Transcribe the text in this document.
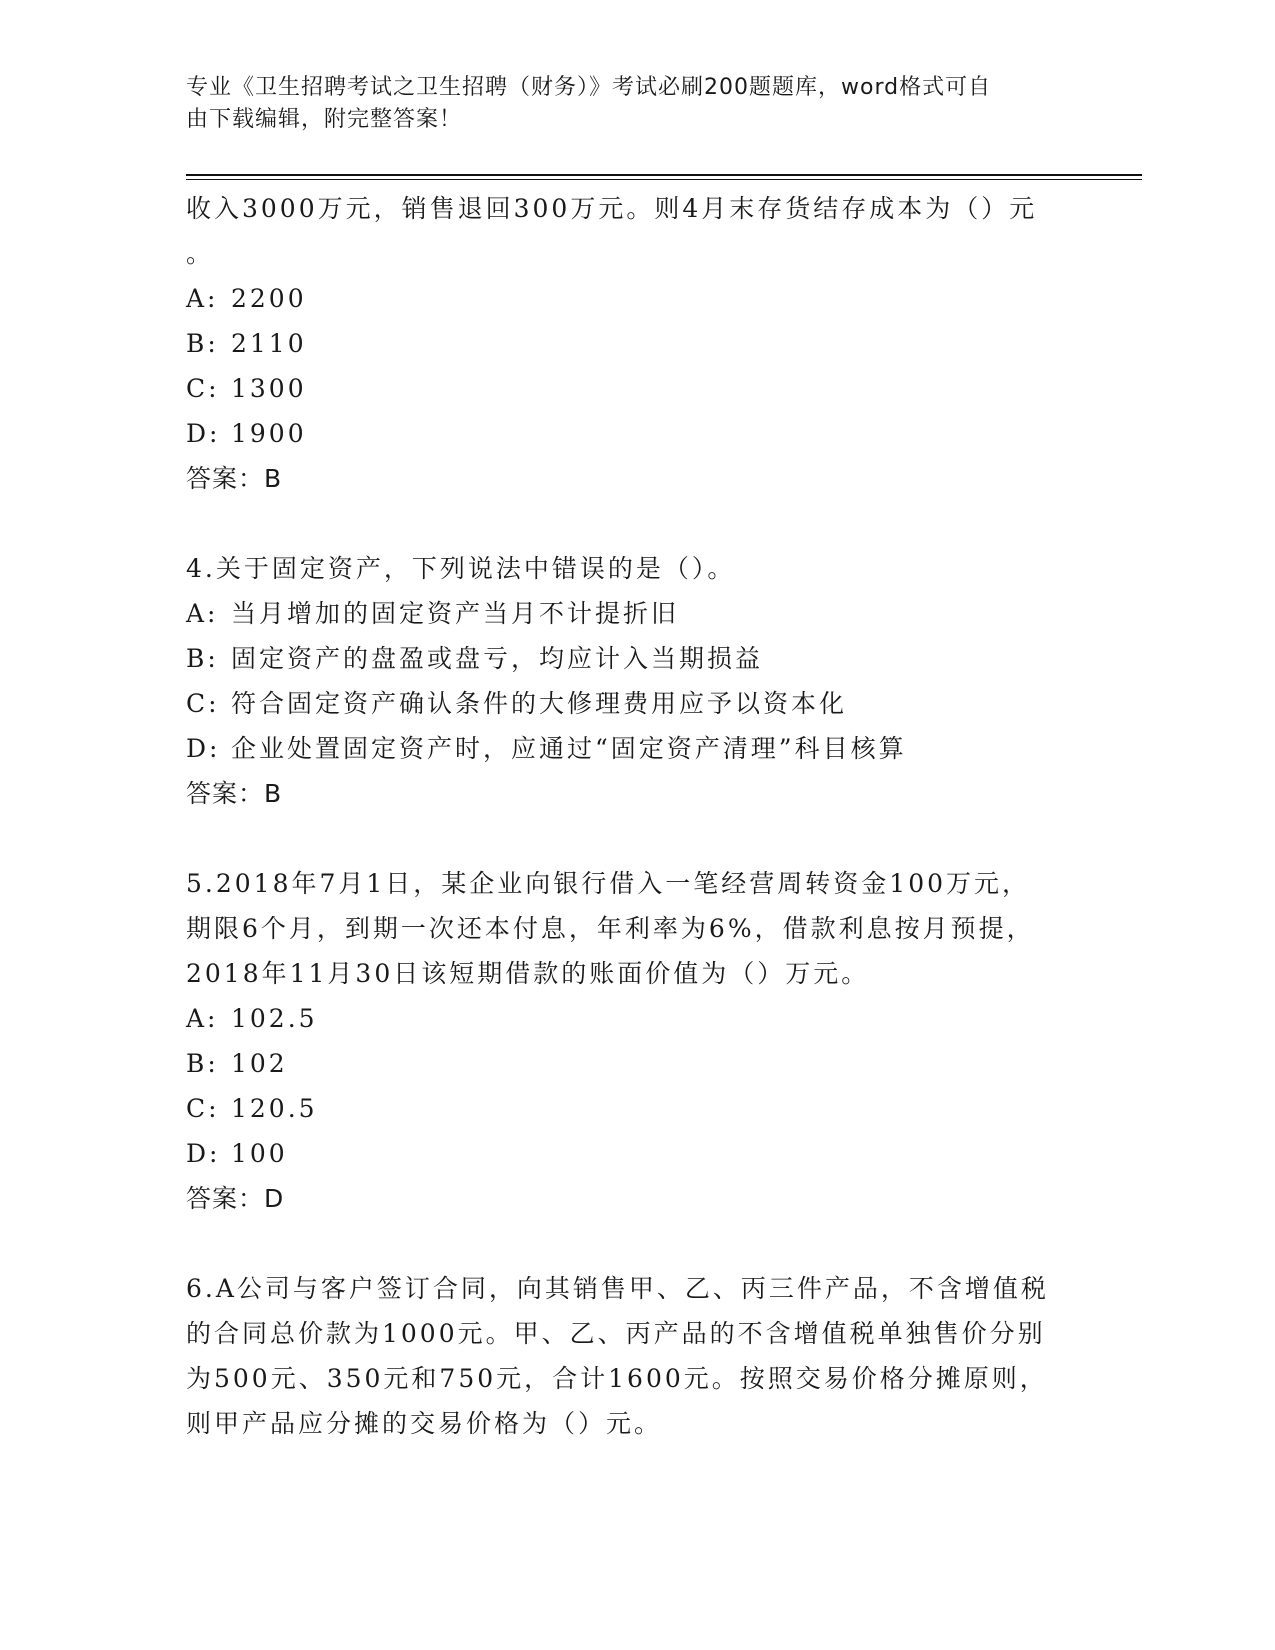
专业《卫生招聘考试之卫生招聘（财务）》考试必刷200题题库，word格式可自
由下载编辑，附完整答案！
收入3000万元，销售退回300万元。则4月末存货结存成本为（）元
。
A: 2200
B: 2110
C: 1300
D: 1900
答案：B
4.关于固定资产，下列说法中错误的是（）。
A: 当月增加的固定资产当月不计提折旧
B: 固定资产的盘盈或盘亏，均应计入当期损益
C: 符合固定资产确认条件的大修理费用应予以资本化
D: 企业处置固定资产时，应通过“固定资产清理”科目核算
答案：B
5.2018年7月1日，某企业向银行借入一笔经营周转资金100万元，
期限6个月，到期一次还本付息，年利率为6%，借款利息按月预提，
2018年11月30日该短期借款的账面价值为（）万元。
A: 102.5
B: 102
C: 120.5
D: 100
答案：D
6.A公司与客户签订合同，向其销售甲、乙、丙三件产品，不含增值税
的合同总价款为1000元。甲、乙、丙产品的不含增值税单独售价分别
为500元、350元和750元，合计1600元。按照交易价格分摊原则，
则甲产品应分摊的交易价格为（）元。
